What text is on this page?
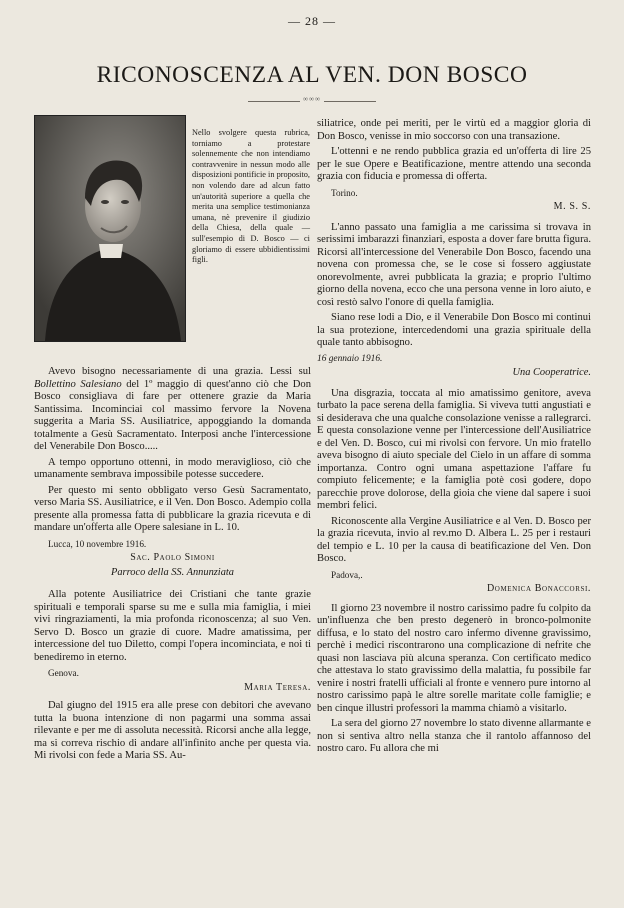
— 28 —
RICONOSCENZA AL VEN. DON BOSCO
∞∞∞
Nello svolgere questa rubrica, torniamo a protestare solennemente che non intendiamo contravvenire in nessun modo alle disposizioni pontificie in proposito, non volendo dare ad alcun fatto un'autorità superiore a quella che merita una semplice testimonianza umana, nè prevenire il giudizio della Chiesa, della quale — sull'esempio di D. Bosco — ci gloriamo di essere ubbidientissimi figli.

Avevo bisogno necessariamente di una grazia. Lessi sul Bollettino Salesiano del 1º maggio di quest'anno ciò che Don Bosco consigliava di fare per ottenere grazie da Maria Santissima. Incominciai col massimo fervore la Novena suggerita a Maria SS. Ausiliatrice, appoggiando la domanda totalmente a Gesù Sacramentato. Interposi anche l'intercessione del Venerabile Don Bosco.....

A tempo opportuno ottenni, in modo meraviglioso, ciò che umanamente sembrava impossibile potesse succedere.

Per questo mi sento obbligato verso Gesù Sacramentato, verso Maria SS. Ausiliatrice, e il Ven. Don Bosco. Adempio colla presente alla promessa fatta di pubblicare la grazia ricevuta e di mandare un'offerta alle Opere salesiane in L. 10.

Lucca, 10 novembre 1916.
Sac. Paolo Simoni
Parroco della SS. Annunziata

Alla potente Ausiliatrice dei Cristiani che tante grazie spirituali e temporali sparse su me e sulla mia famiglia, i miei vivi ringraziamenti, la mia profonda riconoscenza; al suo Ven. Servo D. Bosco un grazie di cuore. Madre amatissima, per intercessione del tuo Diletto, compi l'opera incominciata, e noi ti benediremo in eterno.

Genova.
Maria Teresa.

Dal giugno del 1915 era alle prese con debitori che avevano tutta la buona intenzione di non pagarmi una somma assai rilevante e per me di assoluta necessità. Ricorsi anche alla legge, ma si correva rischio di andare all'infinito anche per questa via. Mi rivolsi con fede a Maria SS. Au-

siliatrice, onde pei meriti, per le virtù ed a maggior gloria di Don Bosco, venisse in mio soccorso con una transazione.

L'ottenni e ne rendo pubblica grazia ed un'offerta di lire 25 per le sue Opere e Beatificazione, mentre attendo una seconda grazia con fiducia e promessa di offerta.

Torino.
M. S. S.

L'anno passato una famiglia a me carissima si trovava in serissimi imbarazzi finanziari, esposta a dover fare brutta figura. Ricorsi all'intercessione del Venerabile Don Bosco, facendo una novena con promessa che, se le cose si fossero aggiustate onorevolmente, avrei pubblicata la grazia; e proprio l'ultimo giorno della novena, ecco che una persona venne in loro aiuto, e così restò salvo l'onore di quella famiglia.

Siano rese lodi a Dio, e il Venerabile Don Bosco mi continui la sua protezione, intercedendomi una grazia spirituale della quale tanto abbisogno.

16 gennaio 1916.
Una Cooperatrice.

Una disgrazia, toccata al mio amatissimo genitore, aveva turbato la pace serena della famiglia. Si viveva tutti angustiati e si desiderava che una qualche consolazione venisse a rallegrarci. E questa consolazione venne per l'intercessione dell'Ausiliatrice e del Ven. D. Bosco, cui mi rivolsi con fervore. Un mio fratello aveva bisogno di aiuto speciale del Cielo in un affare di somma importanza. Contro ogni umana aspettazione l'affare fu compiuto felicemente; e la famiglia potè così godere, dopo parecchie prove dolorose, della gioia che viene dal sapere i suoi membri felici.

Riconoscente alla Vergine Ausiliatrice e al Ven. D. Bosco per la grazia ricevuta, invio al rev.mo D. Albera L. 25 per i restauri del tempio e L. 10 per la causa di beatificazione del Ven. Don Bosco.

Padova,.
Domenica Bonaccorsi.

Il giorno 23 novembre il nostro carissimo padre fu colpito da un'influenza che ben presto degenerò in bronco-polmonite diffusa, e lo stato del nostro caro infermo divenne gravissimo, perchè i medici riscontrarono una complicazione di nefrite che quasi non lasciava più alcuna speranza. Con certificato medico che attestava lo stato gravissimo della malattia, fu possibile far venire i nostri fratelli ufficiali al fronte e vennero pure intorno al nostro carissimo papà le altre sorelle maritate colle famiglie; e ben cinque illustri professori la mamma chiamò a visitarlo.

La sera del giorno 27 novembre lo stato divenne allarmante e non si sentiva altro nella stanza che il rantolo affannoso del nostro caro. Fu allora che mi
